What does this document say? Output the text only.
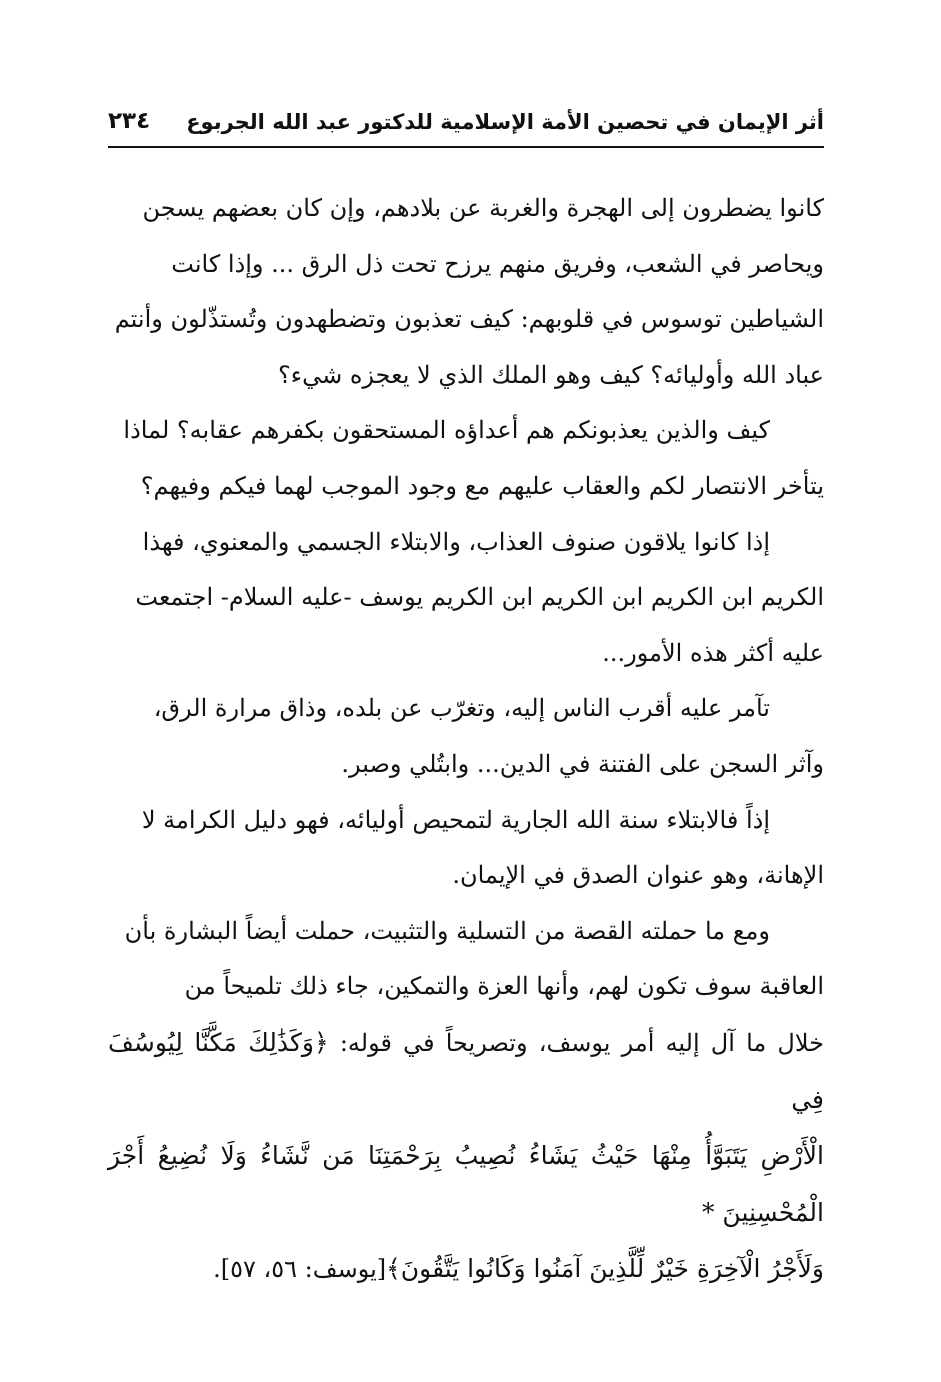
أثر الإيمان في تحصين الأمة الإسلامية للدكتور عبد الله الجربوع
٢٣٤

كانوا يضطرون إلى الهجرة والغربة عن بلادهم، وإن كان بعضهم يسجن
ويحاصر في الشعب، وفريق منهم يرزح تحت ذل الرق ... وإذا كانت
الشياطين توسوس في قلوبهم: كيف تعذبون وتضطهدون وتُستذّلون وأنتم
عباد الله وأوليائه؟ كيف وهو الملك الذي لا يعجزه شيء؟

كيف والذين يعذبونكم هم أعداؤه المستحقون بكفرهم عقابه؟ لماذا
يتأخر الانتصار لكم والعقاب عليهم مع وجود الموجب لهما فيكم وفيهم؟

إذا كانوا يلاقون صنوف العذاب، والابتلاء الجسمي والمعنوي، فهذا
الكريم ابن الكريم ابن الكريم ابن الكريم يوسف -عليه السلام- اجتمعت
عليه أكثر هذه الأمور...

تآمر عليه أقرب الناس إليه، وتغرّب عن بلده، وذاق مرارة الرق،
وآثر السجن على الفتنة في الدين... وابتُلي وصبر.

إذاً فالابتلاء سنة الله الجارية لتمحيص أوليائه، فهو دليل الكرامة لا
الإهانة، وهو عنوان الصدق في الإيمان.

ومع ما حملته القصة من التسلية والتثبيت، حملت أيضاً البشارة بأن
العاقبة سوف تكون لهم، وأنها العزة والتمكين، جاء ذلك تلميحاً من
خلال ما آل إليه أمر يوسف، وتصريحاً في قوله: ﴿وَكَذَٰلِكَ مَكَّنَّا لِيُوسُفَ فِي
الْأَرْضِ يَتَبَوَّأُ مِنْهَا حَيْثُ يَشَاءُ نُصِيبُ بِرَحْمَتِنَا مَن نَّشَاءُ وَلَا نُضِيعُ أَجْرَ الْمُحْسِنِينَ *
وَلَأَجْرُ الْآخِرَةِ خَيْرٌ لِّلَّذِينَ آمَنُوا وَكَانُوا يَتَّقُونَ﴾[يوسف: ٥٦، ٥٧].
